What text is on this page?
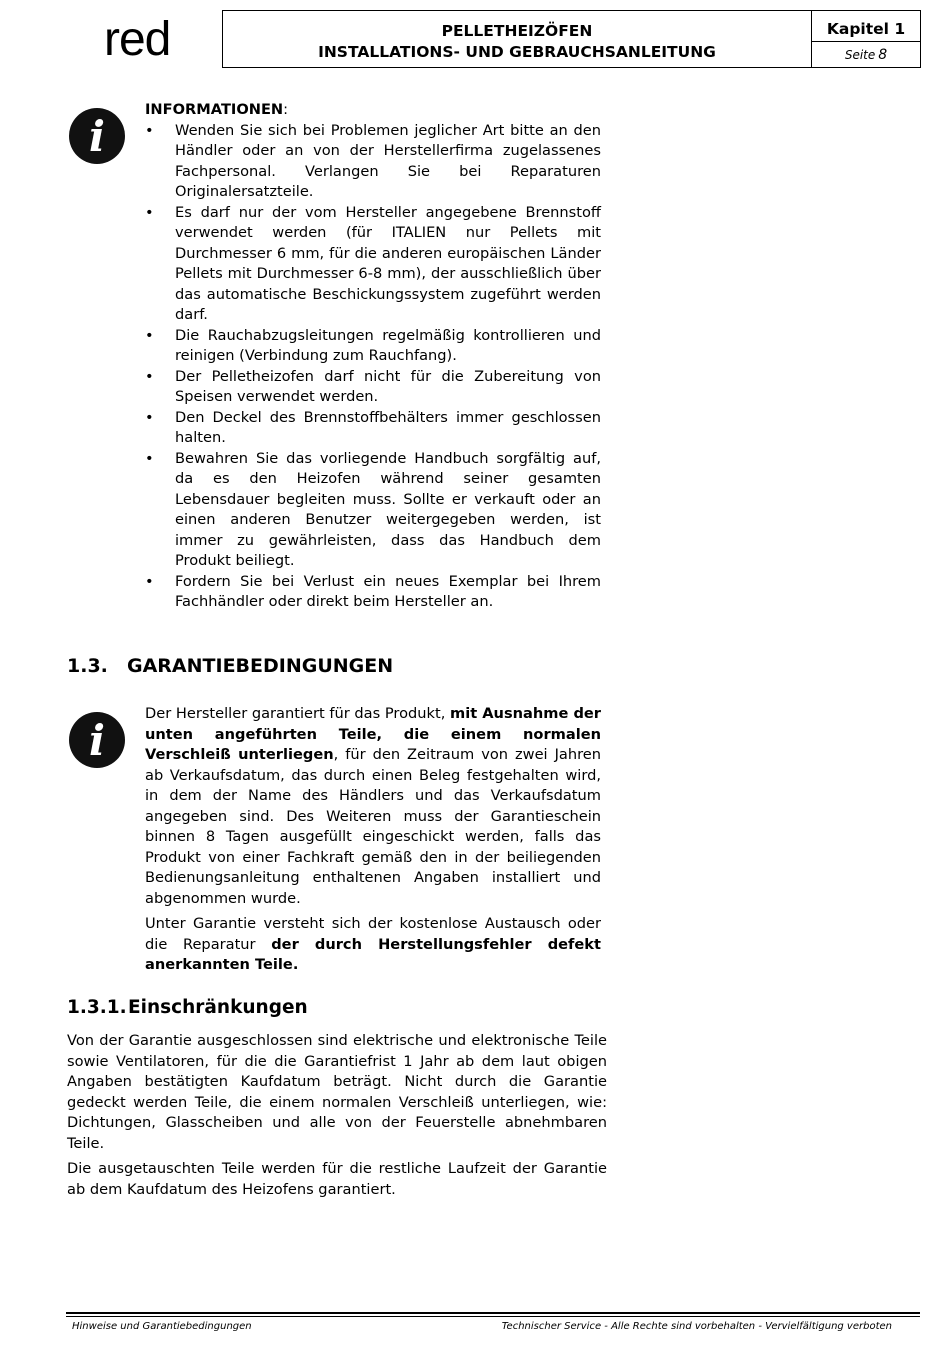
red	PELLETHEIZÖFEN
INSTALLATIONS- UND GEBRAUCHSANLEITUNG
Kapitel 1
Seite 8
i

INFORMATIONEN:

• Wenden Sie sich bei Problemen jeglicher Art bitte an den Händler oder an von der Herstellerfirma zugelassenes Fachpersonal. Verlangen Sie bei Reparaturen Originalersatzteile.
• Es darf nur der vom Hersteller angegebene Brennstoff verwendet werden (für ITALIEN nur Pellets mit Durchmesser 6 mm, für die anderen europäischen Länder Pellets mit Durchmesser 6-8 mm), der ausschließlich über das automatische Beschickungssystem zugeführt werden darf.
• Die Rauchabzugsleitungen regelmäßig kontrollieren und reinigen (Verbindung zum Rauchfang).
• Der Pelletheizofen darf nicht für die Zubereitung von Speisen verwendet werden.
• Den Deckel des Brennstoffbehälters immer geschlossen halten.
• Bewahren Sie das vorliegende Handbuch sorgfältig auf, da es den Heizofen während seiner gesamten Lebensdauer begleiten muss. Sollte er verkauft oder an einen anderen Benutzer weitergegeben werden, ist immer zu gewährleisten, dass das Handbuch dem Produkt beiliegt.
• Fordern Sie bei Verlust ein neues Exemplar bei Ihrem Fachhändler oder direkt beim Hersteller an.
1.3. GARANTIEBEDINGUNGEN
i

Der Hersteller garantiert für das Produkt, mit Ausnahme der unten angeführten Teile, die einem normalen Verschleiß unterliegen, für den Zeitraum von zwei Jahren ab Verkaufsdatum, das durch einen Beleg festgehalten wird, in dem der Name des Händlers und das Verkaufsdatum angegeben sind. Des Weiteren muss der Garantieschein binnen 8 Tagen ausgefüllt eingeschickt werden, falls das Produkt von einer Fachkraft gemäß den in der beiliegenden Bedienungsanleitung enthaltenen Angaben installiert und abgenommen wurde.

Unter Garantie versteht sich der kostenlose Austausch oder die Reparatur der durch Herstellungsfehler defekt anerkannten Teile.

1.3.1.Einschränkungen

Von der Garantie ausgeschlossen sind elektrische und elektronische Teile sowie Ventilatoren, für die die Garantiefrist 1 Jahr ab dem laut obigen Angaben bestätigten Kaufdatum beträgt. Nicht durch die Garantie gedeckt werden Teile, die einem normalen Verschleiß unterliegen, wie: Dichtungen, Glasscheiben und alle von der Feuerstelle abnehmbaren Teile.

Die ausgetauschten Teile werden für die restliche Laufzeit der Garantie ab dem Kaufdatum des Heizofens garantiert.

Hinweise und Garantiebedingungen	Technischer Service - Alle Rechte sind vorbehalten - Vervielfältigung verboten
